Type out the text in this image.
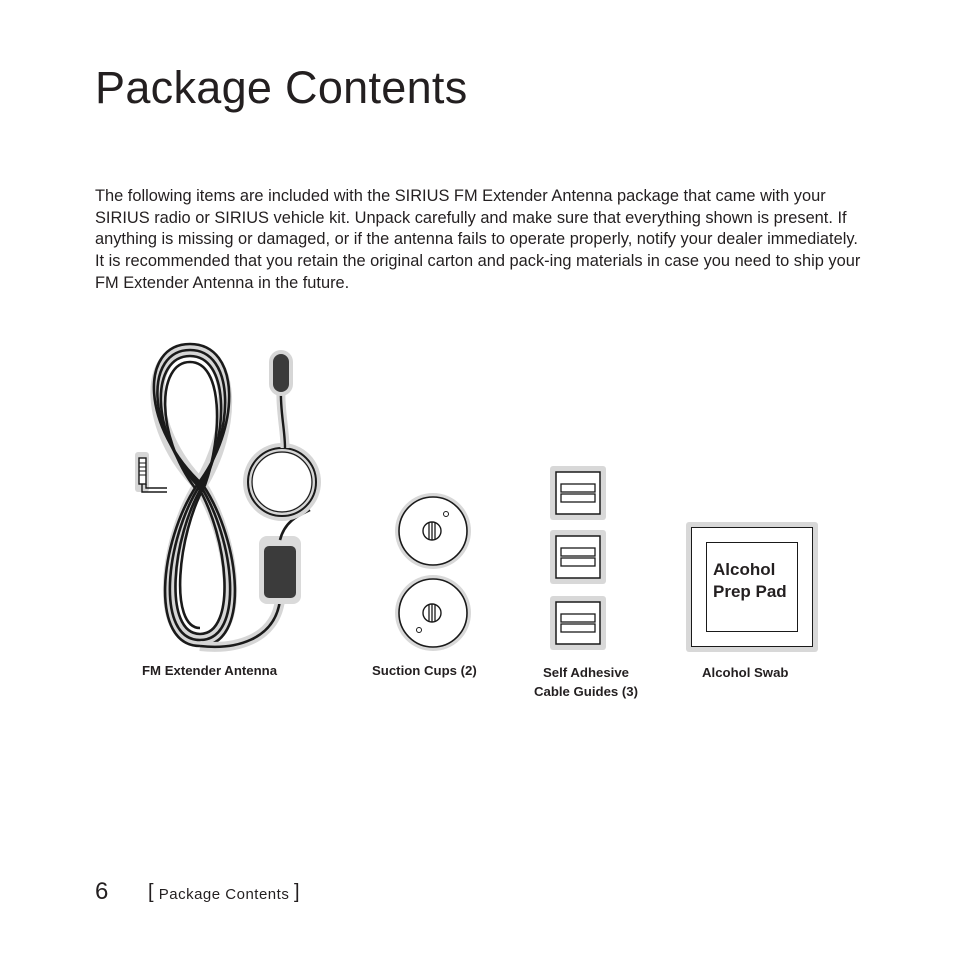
Package Contents

The following items are included with the SIRIUS FM Extender Antenna package that came with your SIRIUS radio or SIRIUS vehicle kit. Unpack carefully and make sure that everything shown is present. If anything is missing or damaged, or if the antenna fails to operate properly, notify your dealer immediately. It is recommended that you retain the original carton and pack-ing materials in case you need to ship your FM Extender Antenna in the future.

Alcohol
Prep Pad
FM Extender Antenna	Suction Cups (2)	Self Adhesive
Cable Guides (3)
Alcohol Swab
6 [ Package Contents ]
